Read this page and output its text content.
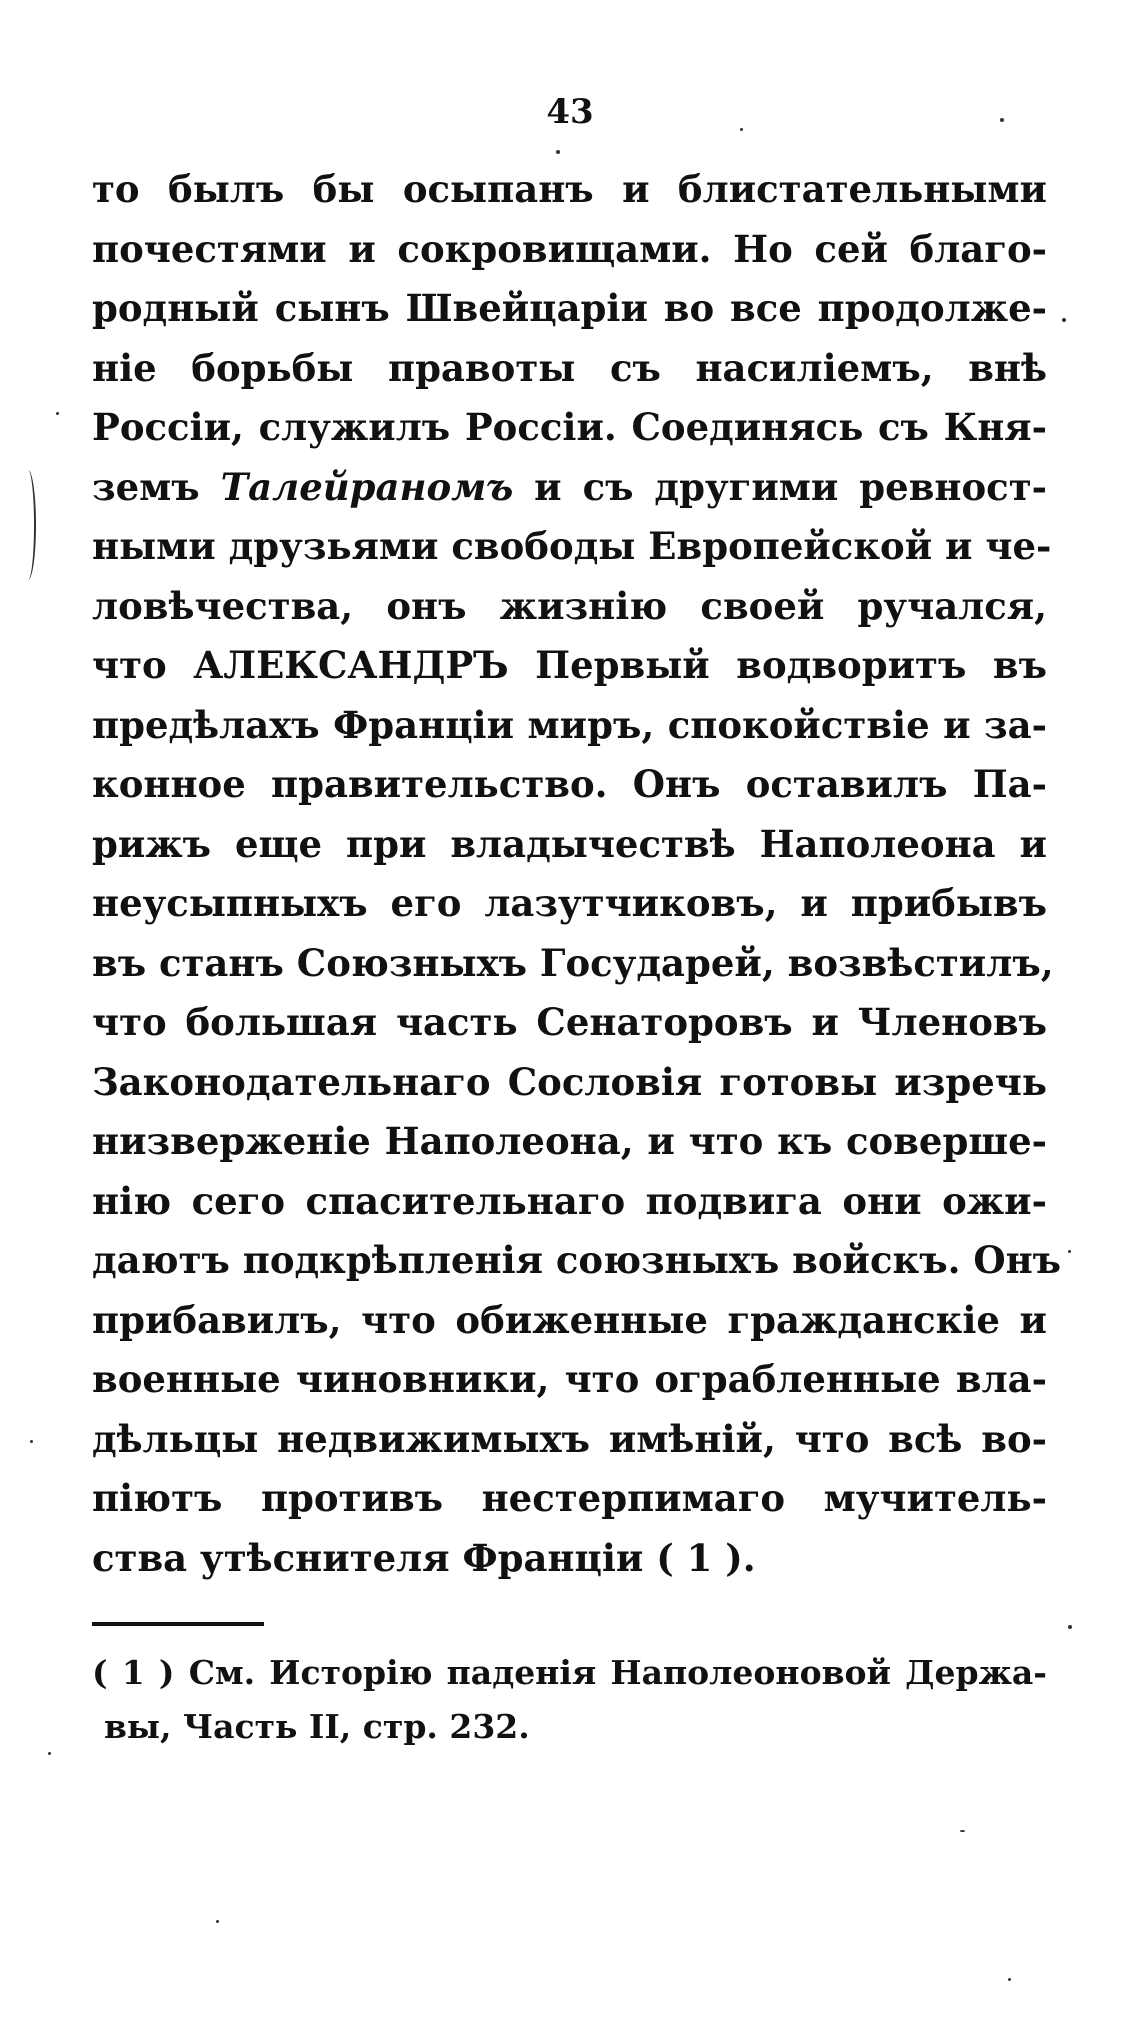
43
то былъ бы осыпанъ и блистательными
почестями и сокровищами. Но сей благо-
родный сынъ Швейцаріи во все продолже-
ніе борьбы правоты съ насиліемъ, внѣ
Россіи, служилъ Россіи. Соединясь съ Кня-
земъ Талейраномъ и съ другими ревност-
ными друзьями свободы Европейской и че-
ловѣчества, онъ жизнію своей ручался,
что АЛЕКСАНДРЪ Первый водворитъ въ
предѣлахъ Франціи миръ, спокойствіе и за-
конное правительство. Онъ оставилъ Па-
рижъ еще при владычествѣ Наполеона и
неусыпныхъ его лазутчиковъ, и прибывъ
въ станъ Союзныхъ Государей, возвѣстилъ,
что большая часть Сенаторовъ и Членовъ
Законодательнаго Сословія готовы изречь
низверженіе Наполеона, и что къ соверше-
нію сего спасительнаго подвига они ожи-
даютъ подкрѣпленія союзныхъ войскъ. Онъ
прибавилъ, что обиженные гражданскіе и
военные чиновники, что ограбленные вла-
дѣльцы недвижимыхъ имѣній, что всѣ во-
піютъ противъ нестерпимаго мучитель-
ства утѣснителя Франціи ( 1 ).
( 1 ) См. Исторію паденія Наполеоновой Держа-
вы, Часть II, стр. 232.
